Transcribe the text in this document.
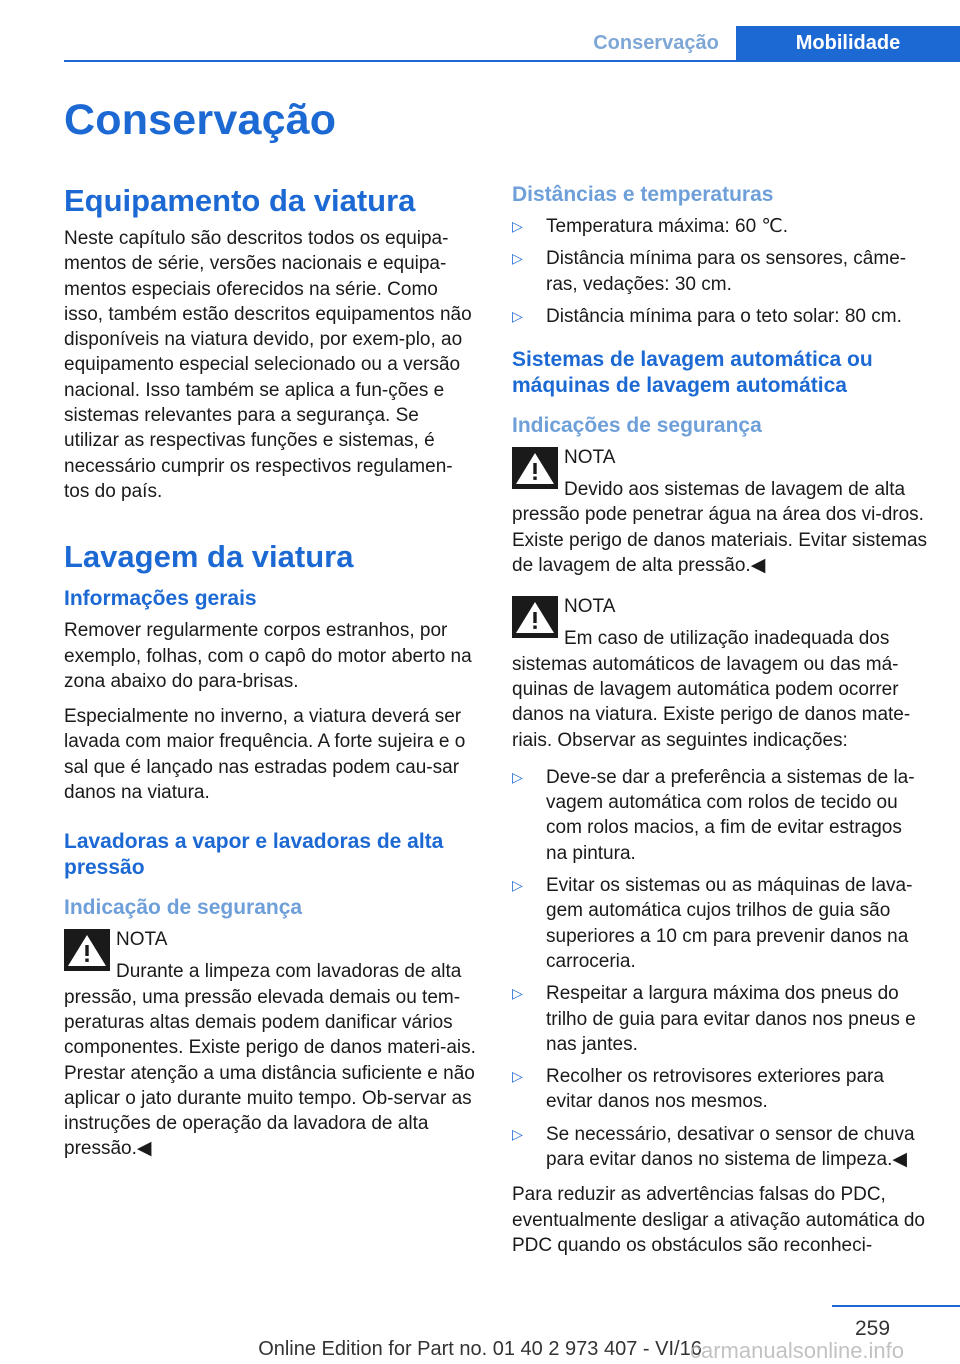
Conservação	Mobilidade
Conservação
Equipamento da viatura

Neste capítulo são descritos todos os equipa-mentos de série, versões nacionais e equipa-mentos especiais oferecidos na série. Como isso, também estão descritos equipamentos não disponíveis na viatura devido, por exem-plo, ao equipamento especial selecionado ou a versão nacional. Isso também se aplica a fun-ções e sistemas relevantes para a segurança. Se utilizar as respectivas funções e sistemas, é necessário cumprir os respectivos regulamen-tos do país.

Lavagem da viatura
Informações gerais

Remover regularmente corpos estranhos, por exemplo, folhas, com o capô do motor aberto na zona abaixo do para-brisas.

Especialmente no inverno, a viatura deverá ser lavada com maior frequência. A forte sujeira e o sal que é lançado nas estradas podem cau-sar danos na viatura.

Lavadoras a vapor e lavadoras de alta pressão
Indicação de segurança
NOTA

Durante a limpeza com lavadoras de alta pressão, uma pressão elevada demais ou tem-peraturas altas demais podem danificar vários componentes. Existe perigo de danos materi-ais. Prestar atenção a uma distância suficiente e não aplicar o jato durante muito tempo. Ob-servar as instruções de operação da lavadora de alta pressão.◀

Distâncias e temperaturas
▷ Temperatura máxima: 60 ℃.
▷ Distância mínima para os sensores, câme-ras, vedações: 30 cm.
▷ Distância mínima para o teto solar: 80 cm.
Sistemas de lavagem automática ou máquinas de lavagem automática
Indicações de segurança
NOTA

Devido aos sistemas de lavagem de alta pressão pode penetrar água na área dos vi-dros. Existe perigo de danos materiais. Evitar sistemas de lavagem de alta pressão.◀

NOTA

Em caso de utilização inadequada dos sistemas automáticos de lavagem ou das má-quinas de lavagem automática podem ocorrer danos na viatura. Existe perigo de danos mate-riais. Observar as seguintes indicações:

▷ Deve-se dar a preferência a sistemas de la-vagem automática com rolos de tecido ou com rolos macios, a fim de evitar estragos na pintura.
▷ Evitar os sistemas ou as máquinas de lava-gem automática cujos trilhos de guia são superiores a 10 cm para prevenir danos na carroceria.
▷ Respeitar a largura máxima dos pneus do trilho de guia para evitar danos nos pneus e nas jantes.
▷ Recolher os retrovisores exteriores para evitar danos nos mesmos.
▷ Se necessário, desativar o sensor de chuva para evitar danos no sistema de limpeza.◀

Para reduzir as advertências falsas do PDC, eventualmente desligar a ativação automática do PDC quando os obstáculos são reconheci-

259
Online Edition for Part no. 01 40 2 973 407 - VI/16
carmanualsonline.info
